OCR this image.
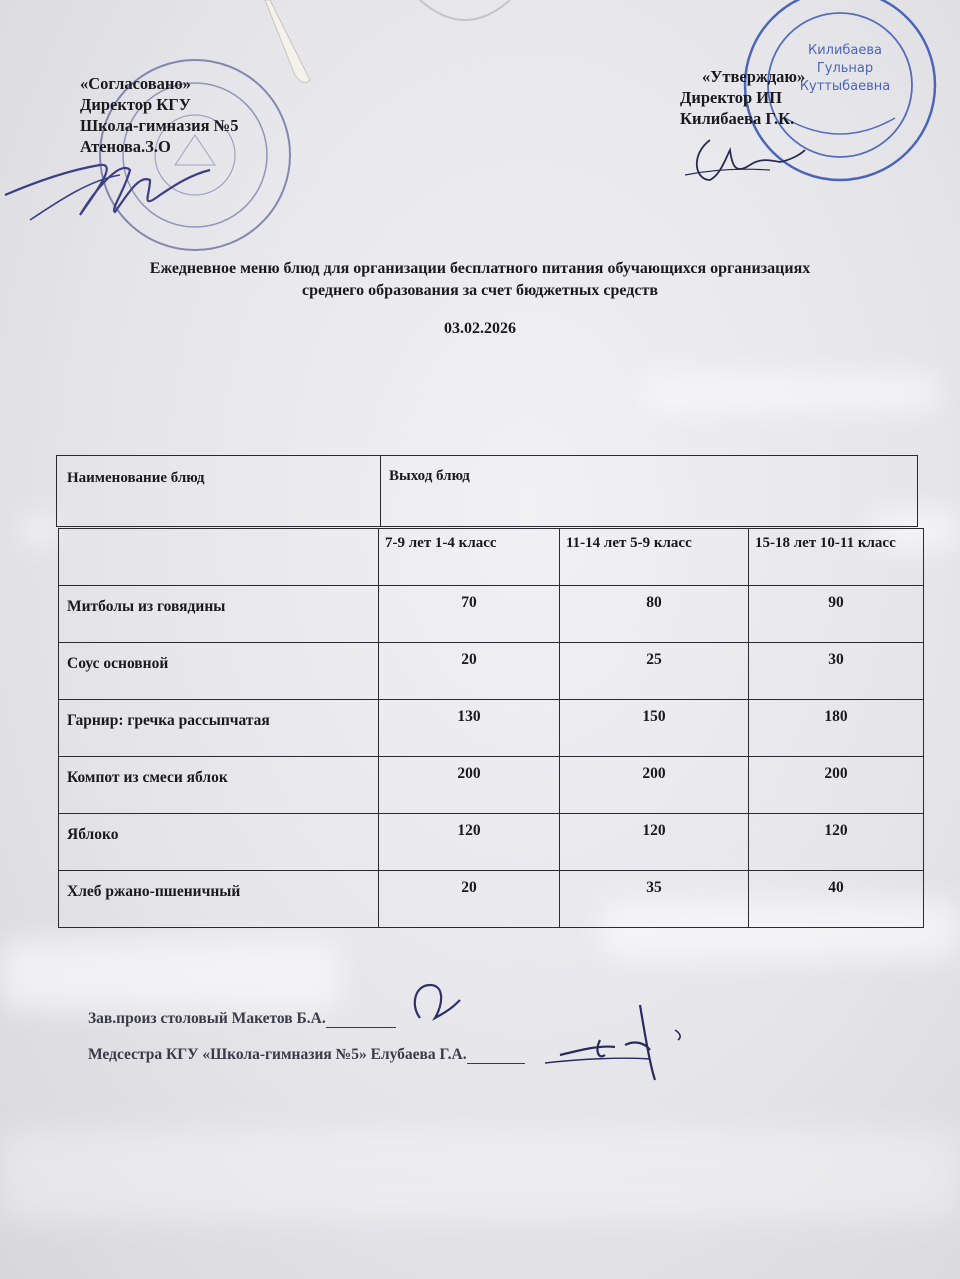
«Согласовано»
Директор КГУ
Школа-гимназия №5
Атенова.З.О
Килибаева
Гульнар
Куттыбаевна
«Утверждаю»
Директор ИП
Килибаева Г.К.
Ежедневное меню блюд для организации бесплатного питания обучающихся организациях
среднего образования за счет бюджетных средств
03.02.2026
Наименование блюд	Выход блюд
	7-9 лет 1-4 класс	11-14 лет 5-9 класс	15-18 лет 10-11 класс
Митболы из говядины	70	80	90
Соус основной	20	25	30
Гарнир: гречка рассыпчатая	130	150	180
Компот из смеси яблок	200	200	200
Яблоко	120	120	120
Хлеб ржано-пшеничный	20	35	40
Зав.произ столовый Макетов Б.А.
Медсестра КГУ «Школа-гимназия №5» Елубаева Г.А.
